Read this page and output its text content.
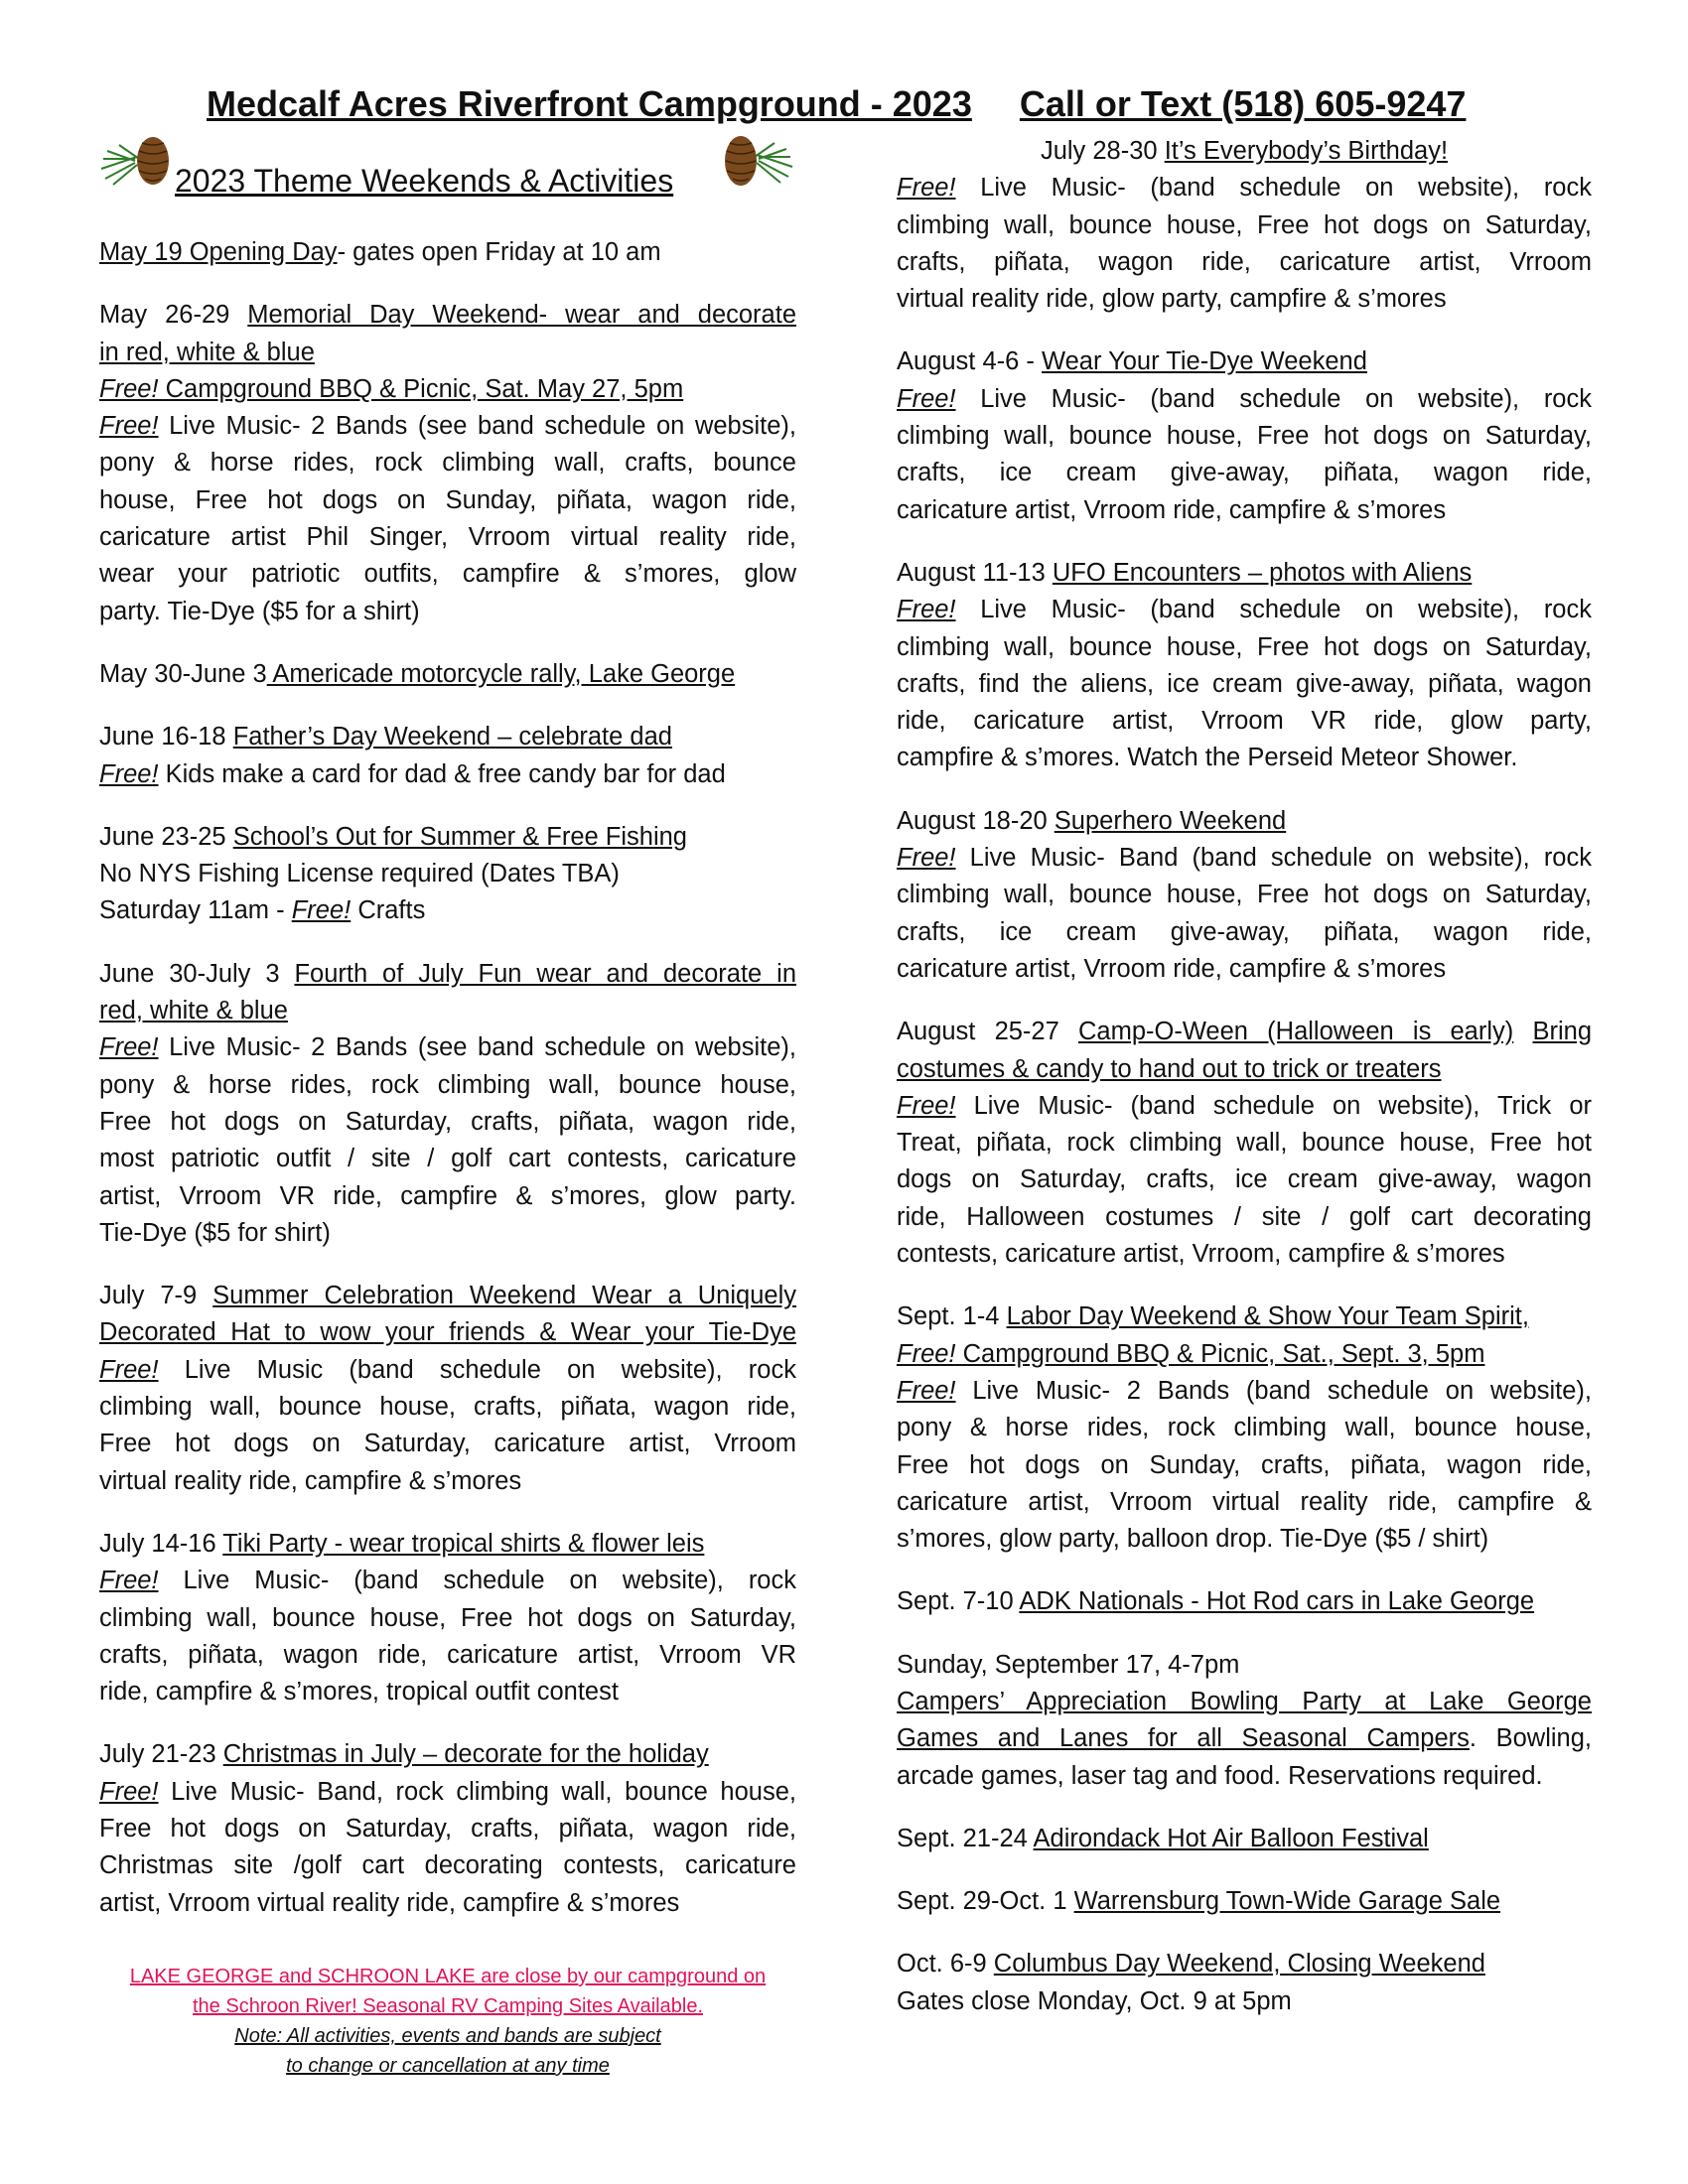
Medcalf Acres Riverfront Campground - 2023 Call or Text (518) 605-9247
2023 Theme Weekends & Activities
May 19 Opening Day- gates open Friday at 10 am
May 26-29 Memorial Day Weekend- wear and decorate
in red, white & blue
Free! Campground BBQ & Picnic, Sat. May 27, 5pm
Free! Live Music- 2 Bands (see band schedule on website),
pony & horse rides, rock climbing wall, crafts, bounce
house, Free hot dogs on Sunday, piñata, wagon ride,
caricature artist Phil Singer, Vrroom virtual reality ride,
wear your patriotic outfits, campfire & s’mores, glow
party. Tie-Dye ($5 for a shirt)
May 30-June 3 Americade motorcycle rally, Lake George
June 16-18 Father’s Day Weekend – celebrate dad
Free! Kids make a card for dad & free candy bar for dad
June 23-25 School’s Out for Summer & Free Fishing
No NYS Fishing License required (Dates TBA)
Saturday 11am - Free! Crafts
June 30-July 3 Fourth of July Fun wear and decorate in
red, white & blue
Free! Live Music- 2 Bands (see band schedule on website),
pony & horse rides, rock climbing wall, bounce house,
Free hot dogs on Saturday, crafts, piñata, wagon ride,
most patriotic outfit / site / golf cart contests, caricature
artist, Vrroom VR ride, campfire & s’mores, glow party.
Tie-Dye ($5 for shirt)
July 7-9 Summer Celebration Weekend Wear a Uniquely
Decorated Hat to wow your friends & Wear your Tie-Dye
Free! Live Music (band schedule on website), rock
climbing wall, bounce house, crafts, piñata, wagon ride,
Free hot dogs on Saturday, caricature artist, Vrroom
virtual reality ride, campfire & s’mores
July 14-16 Tiki Party - wear tropical shirts & flower leis
Free! Live Music- (band schedule on website), rock
climbing wall, bounce house, Free hot dogs on Saturday,
crafts, piñata, wagon ride, caricature artist, Vrroom VR
ride, campfire & s’mores, tropical outfit contest
July 21-23 Christmas in July – decorate for the holiday
Free! Live Music- Band, rock climbing wall, bounce house,
Free hot dogs on Saturday, crafts, piñata, wagon ride,
Christmas site /golf cart decorating contests, caricature
artist, Vrroom virtual reality ride, campfire & s’mores
LAKE GEORGE and SCHROON LAKE are close by our campground on
the Schroon River! Seasonal RV Camping Sites Available.
Note: All activities, events and bands are subject
to change or cancellation at any time
July 28-30 It’s Everybody’s Birthday!
Free! Live Music- (band schedule on website), rock
climbing wall, bounce house, Free hot dogs on Saturday,
crafts, piñata, wagon ride, caricature artist, Vrroom
virtual reality ride, glow party, campfire & s’mores
August 4-6 - Wear Your Tie-Dye Weekend
Free! Live Music- (band schedule on website), rock
climbing wall, bounce house, Free hot dogs on Saturday,
crafts, ice cream give-away, piñata, wagon ride,
caricature artist, Vrroom ride, campfire & s’mores
August 11-13 UFO Encounters – photos with Aliens
Free! Live Music- (band schedule on website), rock
climbing wall, bounce house, Free hot dogs on Saturday,
crafts, find the aliens, ice cream give-away, piñata, wagon
ride, caricature artist, Vrroom VR ride, glow party,
campfire & s’mores. Watch the Perseid Meteor Shower.
August 18-20 Superhero Weekend
Free! Live Music- Band (band schedule on website), rock
climbing wall, bounce house, Free hot dogs on Saturday,
crafts, ice cream give-away, piñata, wagon ride,
caricature artist, Vrroom ride, campfire & s’mores
August 25-27 Camp-O-Ween (Halloween is early) Bring
costumes & candy to hand out to trick or treaters
Free! Live Music- (band schedule on website), Trick or
Treat, piñata, rock climbing wall, bounce house, Free hot
dogs on Saturday, crafts, ice cream give-away, wagon
ride, Halloween costumes / site / golf cart decorating
contests, caricature artist, Vrroom, campfire & s’mores
Sept. 1-4 Labor Day Weekend & Show Your Team Spirit,
Free! Campground BBQ & Picnic, Sat., Sept. 3, 5pm
Free! Live Music- 2 Bands (band schedule on website),
pony & horse rides, rock climbing wall, bounce house,
Free hot dogs on Sunday, crafts, piñata, wagon ride,
caricature artist, Vrroom virtual reality ride, campfire &
s’mores, glow party, balloon drop. Tie-Dye ($5 / shirt)
Sept. 7-10 ADK Nationals - Hot Rod cars in Lake George
Sunday, September 17, 4-7pm
Campers’ Appreciation Bowling Party at Lake George
Games and Lanes for all Seasonal Campers. Bowling,
arcade games, laser tag and food. Reservations required.
Sept. 21-24 Adirondack Hot Air Balloon Festival
Sept. 29-Oct. 1 Warrensburg Town-Wide Garage Sale
Oct. 6-9 Columbus Day Weekend, Closing Weekend
Gates close Monday, Oct. 9 at 5pm
